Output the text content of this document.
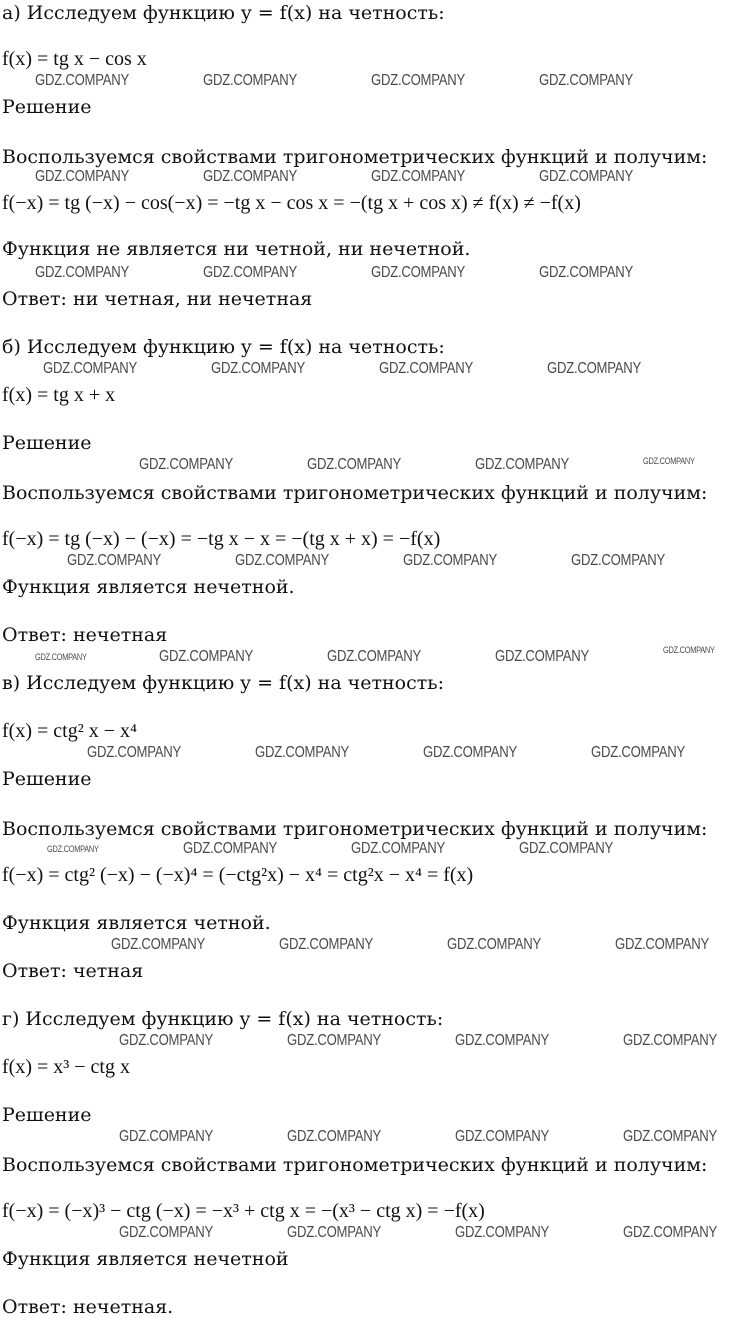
а) Исследуем функцию y = f(x) на четность:
f(x) = tg x − cos x
Решение
Воспользуемся свойствами тригонометрических функций и получим:
f(−x) = tg (−x) − cos(−x) = −tg x − cos x = −(tg x + cos x) ≠ f(x) ≠ −f(x)
Функция не является ни четной, ни нечетной.
Ответ: ни четная, ни нечетная
б) Исследуем функцию y = f(x) на четность:
f(x) = tg x + x
Решение
Воспользуемся свойствами тригонометрических функций и получим:
f(−x) = tg (−x) − (−x) = −tg x − x = −(tg x + x) = −f(x)
Функция является нечетной.
Ответ: нечетная
в) Исследуем функцию y = f(x) на четность:
f(x) = ctg² x − x⁴
Решение
Воспользуемся свойствами тригонометрических функций и получим:
f(−x) = ctg² (−x) − (−x)⁴ = (−ctg²x) − x⁴ = ctg²x − x⁴ = f(x)
Функция является четной.
Ответ: четная
г) Исследуем функцию y = f(x) на четность:
f(x) = x³ − ctg x
Решение
Воспользуемся свойствами тригонометрических функций и получим:
f(−x) = (−x)³ − ctg (−x) = −x³ + ctg x = −(x³ − ctg x) = −f(x)
Функция является нечетной
Ответ: нечетная.
GDZ.COMPANY	GDZ.COMPANY	GDZ.COMPANY	GDZ.COMPANY
GDZ.COMPANY	GDZ.COMPANY	GDZ.COMPANY	GDZ.COMPANY
GDZ.COMPANY	GDZ.COMPANY	GDZ.COMPANY	GDZ.COMPANY
GDZ.COMPANY	GDZ.COMPANY	GDZ.COMPANY	GDZ.COMPANY
GDZ.COMPANY	GDZ.COMPANY	GDZ.COMPANY	GDZ.COMPANY
GDZ.COMPANY	GDZ.COMPANY	GDZ.COMPANY	GDZ.COMPANY
GDZ.COMPANY	GDZ.COMPANY	GDZ.COMPANY	GDZ.COMPANY	GDZ.COMPANY
GDZ.COMPANY	GDZ.COMPANY	GDZ.COMPANY	GDZ.COMPANY
GDZ.COMPANY	GDZ.COMPANY	GDZ.COMPANY	GDZ.COMPANY
GDZ.COMPANY	GDZ.COMPANY	GDZ.COMPANY	GDZ.COMPANY
GDZ.COMPANY	GDZ.COMPANY	GDZ.COMPANY	GDZ.COMPANY
GDZ.COMPANY	GDZ.COMPANY	GDZ.COMPANY	GDZ.COMPANY
GDZ.COMPANY	GDZ.COMPANY	GDZ.COMPANY	GDZ.COMPANY
